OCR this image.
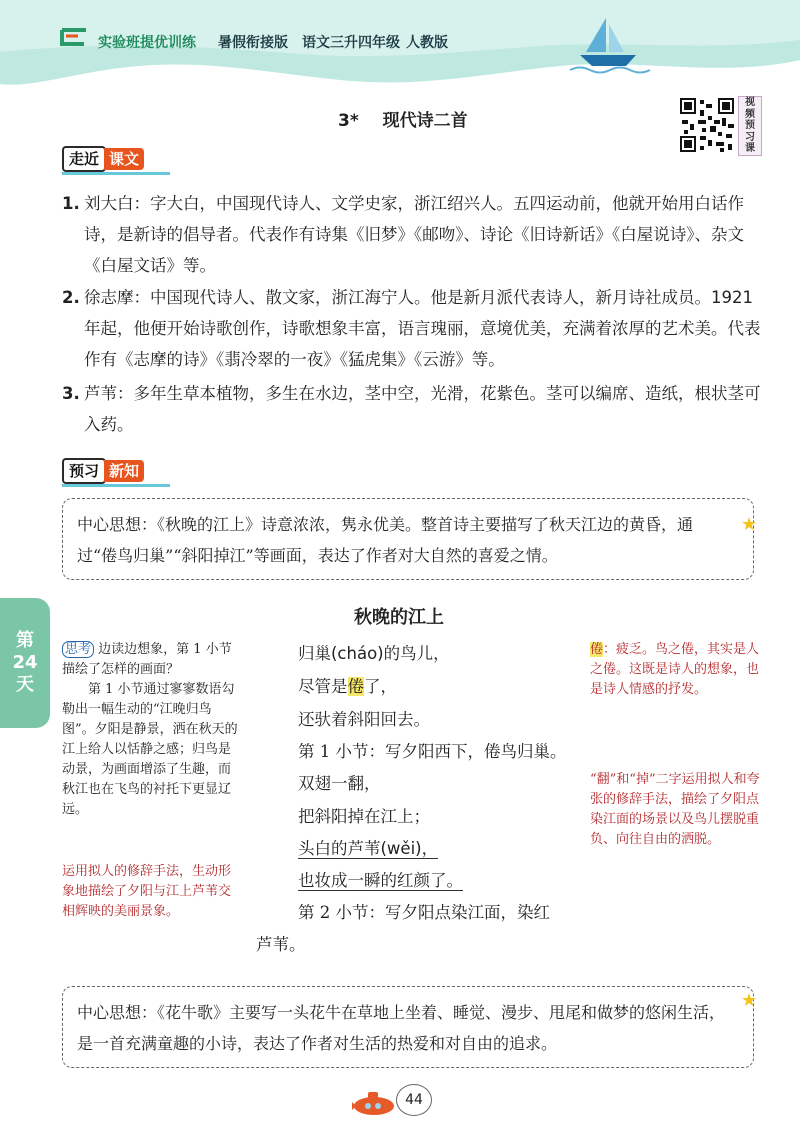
实验班提优训练 暑假衔接版 语文三升四年级 人教版
3* 现代诗二首
视
频
预
习
课
走近 课文
1. 刘大白：字大白，中国现代诗人、文学史家，浙江绍兴人。五四运动前，他就开始用白话作诗，是新诗的倡导者。代表作有诗集《旧梦》《邮吻》、诗论《旧诗新话》《白屋说诗》、杂文《白屋文话》等。
2. 徐志摩：中国现代诗人、散文家，浙江海宁人。他是新月派代表诗人，新月诗社成员。1921 年起，他便开始诗歌创作，诗歌想象丰富，语言瑰丽，意境优美，充满着浓厚的艺术美。代表作有《志摩的诗》《翡冷翠的一夜》《猛虎集》《云游》等。
3. 芦苇：多年生草本植物，多生在水边，茎中空，光滑，花紫色。茎可以编席、造纸，根状茎可入药。
预习 新知
中心思想：《秋晚的江上》诗意浓浓，隽永优美。整首诗主要描写了秋天江边的黄昏，通过“倦鸟归巢”“斜阳掉江”等画面，表达了作者对大自然的喜爱之情。
★
第
24
天
秋晚的江上
归巢(cháo)的鸟儿，
尽管是倦了，
还驮着斜阳回去。
第 1 小节：写夕阳西下，倦鸟归巢。
双翅一翻，
把斜阳掉在江上；
头白的芦苇(wěi)，
也妆成一瞬的红颜了。
第 2 小节：写夕阳点染江面，染红
芦苇。
思考 边读边想象，第 1 小节描绘了怎样的画面？
第 1 小节通过寥寥数语勾勒出一幅生动的“江晚归鸟图”。夕阳是静景，洒在秋天的江上给人以恬静之感；归鸟是动景，为画面增添了生趣，而秋江也在飞鸟的衬托下更显辽远。
运用拟人的修辞手法，生动形象地描绘了夕阳与江上芦苇交相辉映的美丽景象。
倦：疲乏。鸟之倦，其实是人之倦。这既是诗人的想象，也是诗人情感的抒发。
“翻”和“掉”二字运用拟人和夸张的修辞手法，描绘了夕阳点染江面的场景以及鸟儿摆脱重负、向往自由的洒脱。
中心思想：《花牛歌》主要写一头花牛在草地上坐着、睡觉、漫步、甩尾和做梦的悠闲生活，是一首充满童趣的小诗，表达了作者对生活的热爱和对自由的追求。
★
44
